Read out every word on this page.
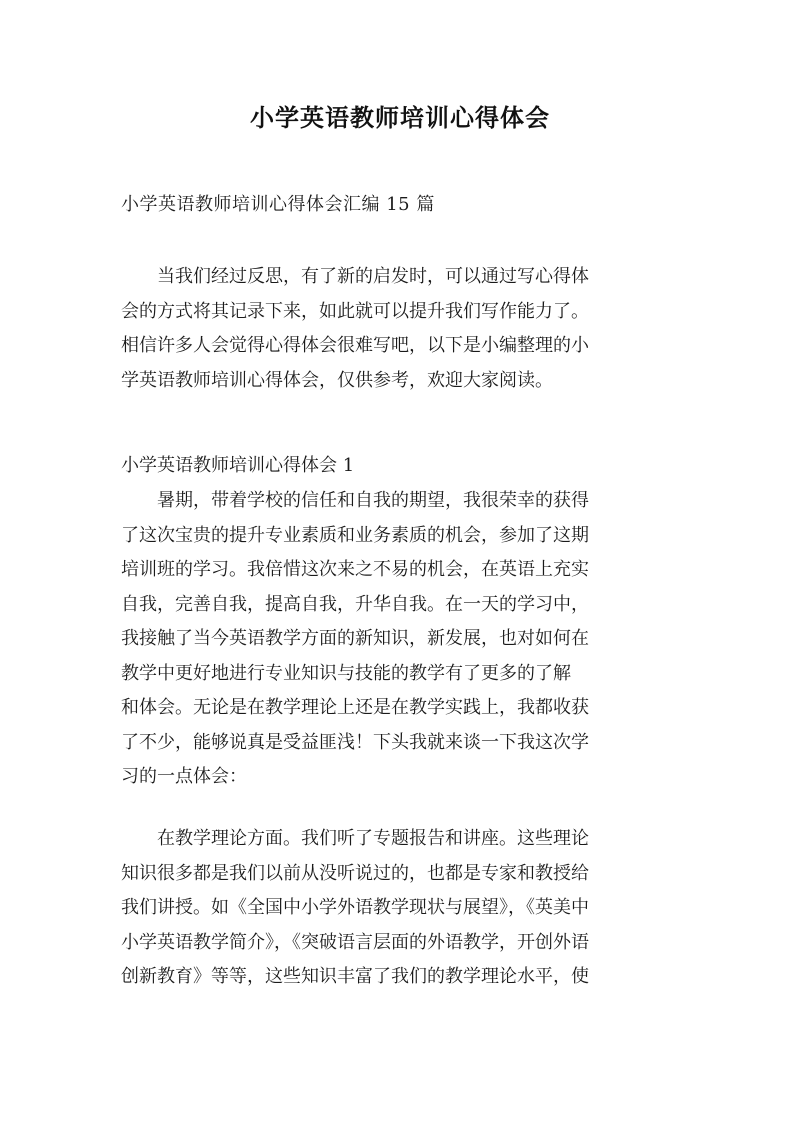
小学英语教师培训心得体会
小学英语教师培训心得体会汇编 15 篇
当我们经过反思，有了新的启发时，可以通过写心得体
会的方式将其记录下来，如此就可以提升我们写作能力了。
相信许多人会觉得心得体会很难写吧，以下是小编整理的小
学英语教师培训心得体会，仅供参考，欢迎大家阅读。
小学英语教师培训心得体会 1
暑期，带着学校的信任和自我的期望，我很荣幸的获得
了这次宝贵的提升专业素质和业务素质的机会，参加了这期
培训班的学习。我倍惜这次来之不易的机会，在英语上充实
自我，完善自我，提高自我，升华自我。在一天的学习中，
我接触了当今英语教学方面的新知识，新发展，也对如何在
教学中更好地进行专业知识与技能的教学有了更多的了解
和体会。无论是在教学理论上还是在教学实践上，我都收获
了不少，能够说真是受益匪浅！下头我就来谈一下我这次学
习的一点体会：
在教学理论方面。我们听了专题报告和讲座。这些理论
知识很多都是我们以前从没听说过的，也都是专家和教授给
我们讲授。如《全国中小学外语教学现状与展望》，《英美中
小学英语教学简介》，《突破语言层面的外语教学，开创外语
创新教育》等等，这些知识丰富了我们的教学理论水平，使
